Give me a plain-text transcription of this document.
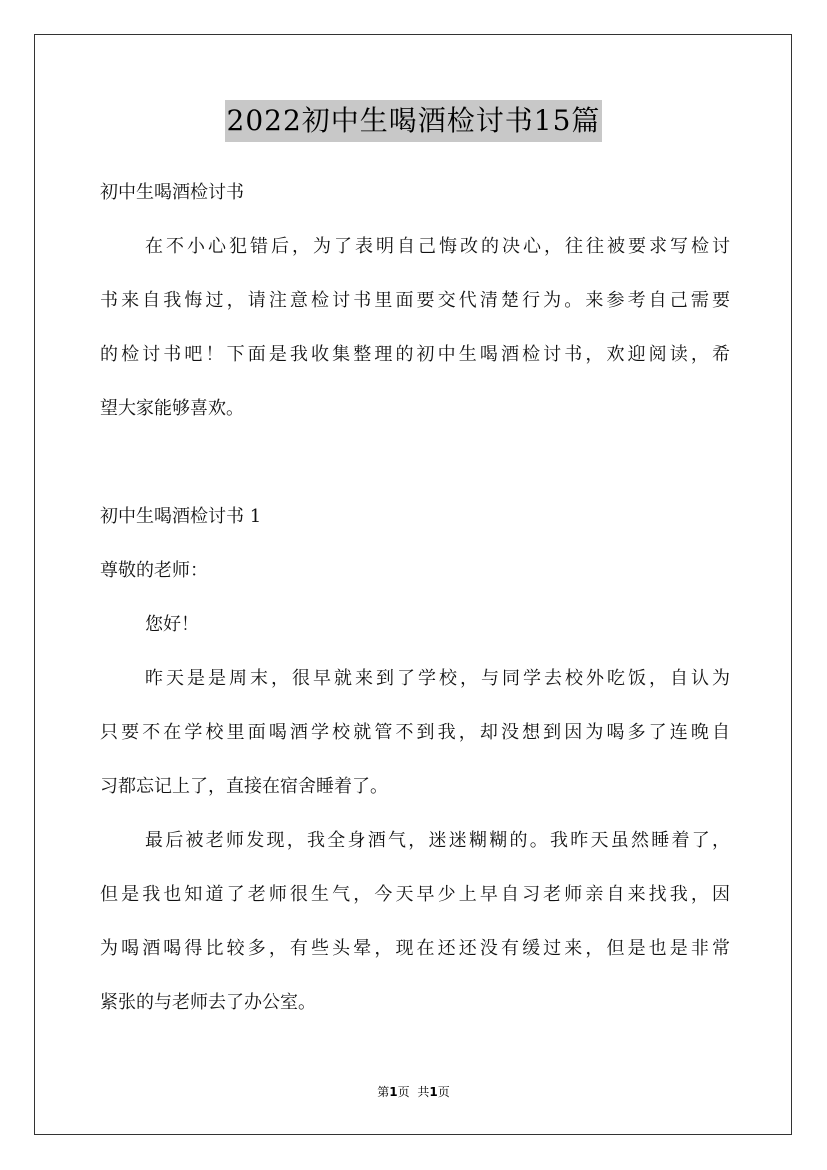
2022初中生喝酒检讨书15篇
初中生喝酒检讨书
在不小心犯错后，为了表明自己悔改的决心，往往被要求写检讨
书来自我悔过，请注意检讨书里面要交代清楚行为。来参考自己需要
的检讨书吧！下面是我收集整理的初中生喝酒检讨书，欢迎阅读，希
望大家能够喜欢。
初中生喝酒检讨书 1
尊敬的老师：
您好！
昨天是是周末，很早就来到了学校，与同学去校外吃饭，自认为
只要不在学校里面喝酒学校就管不到我，却没想到因为喝多了连晚自
习都忘记上了，直接在宿舍睡着了。
最后被老师发现，我全身酒气，迷迷糊糊的。我昨天虽然睡着了，
但是我也知道了老师很生气，今天早少上早自习老师亲自来找我，因
为喝酒喝得比较多，有些头晕，现在还还没有缓过来，但是也是非常
紧张的与老师去了办公室。
第1页 共1页
